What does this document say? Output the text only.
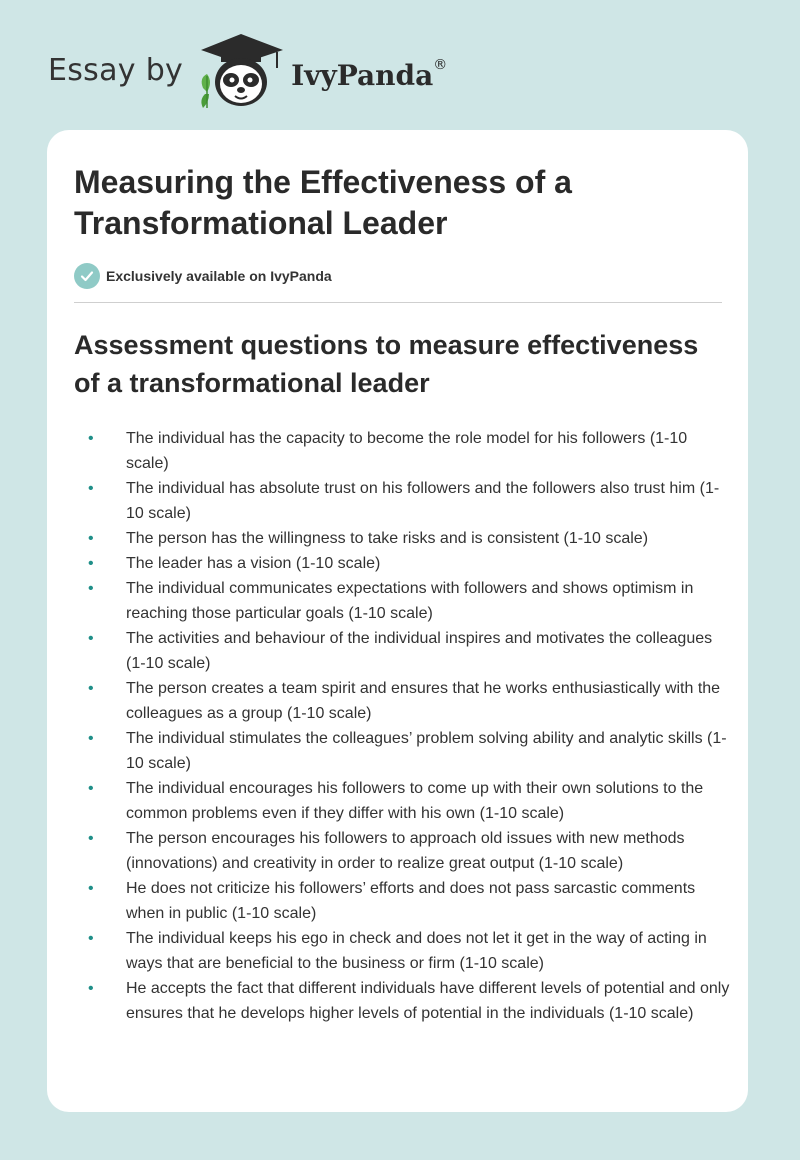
Essay by	IvyPanda®
Measuring the Effectiveness of a Transformational Leader
Exclusively available on IvyPanda
Assessment questions to measure effectiveness of a transformational leader
• The individual has the capacity to become the role model for his followers (1-10 scale)
• The individual has absolute trust on his followers and the followers also trust him (1-10 scale)
• The person has the willingness to take risks and is consistent (1-10 scale)
• The leader has a vision (1-10 scale)
• The individual communicates expectations with followers and shows optimism in reaching those particular goals (1-10 scale)
• The activities and behaviour of the individual inspires and motivates the colleagues (1-10 scale)
• The person creates a team spirit and ensures that he works enthusiastically with the colleagues as a group (1-10 scale)
• The individual stimulates the colleagues’ problem solving ability and analytic skills (1-10 scale)
• The individual encourages his followers to come up with their own solutions to the common problems even if they differ with his own (1-10 scale)
• The person encourages his followers to approach old issues with new methods (innovations) and creativity in order to realize great output (1-10 scale)
• He does not criticize his followers’ efforts and does not pass sarcastic comments when in public (1-10 scale)
• The individual keeps his ego in check and does not let it get in the way of acting in ways that are beneficial to the business or firm (1-10 scale)
• He accepts the fact that different individuals have different levels of potential and only ensures that he develops higher levels of potential in the individuals (1-10 scale)
